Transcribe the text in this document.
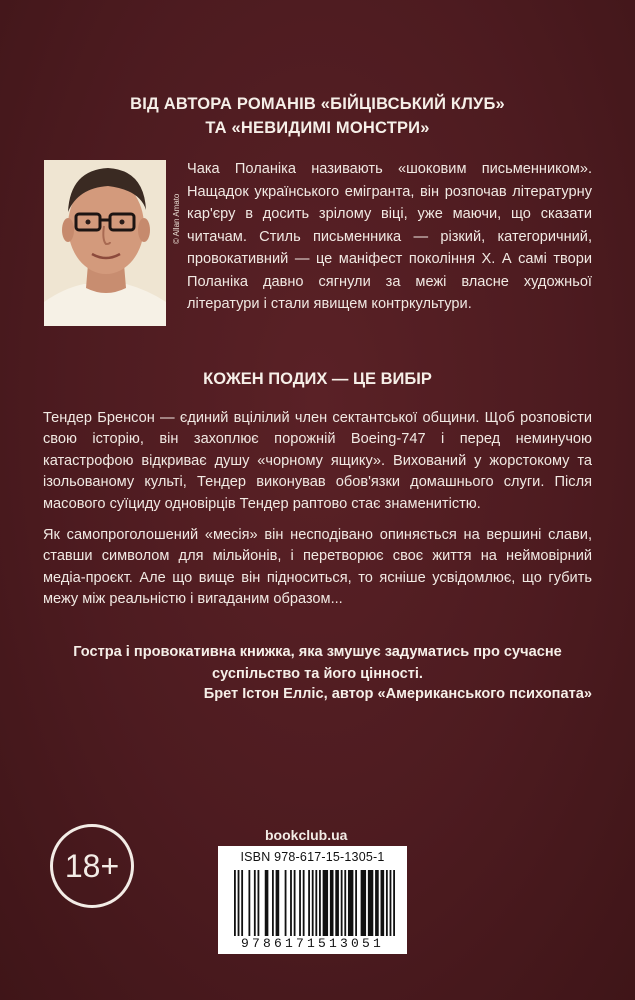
ВІД АВТОРА РОМАНІВ «БІЙЦІВСЬКИЙ КЛУБ»
ТА «НЕВИДИМІ МОНСТРИ»
© Allan Amato
Чака Поланіка називають «шоковим письменником». Нащадок українського емігранта, він розпочав літературну кар'єру в досить зрілому віці, уже маючи, що сказати читачам. Стиль письменника — різкий, категоричний, провокативний — це маніфест покоління X. А самі твори Поланіка давно сягнули за межі власне художньої літератури і стали явищем контркультури.
КОЖЕН ПОДИХ — ЦЕ ВИБІР
Тендер Бренсон — єдиний вцілілий член сектантської общини. Щоб розповісти свою історію, він захоплює порожній Boeing-747 і перед неминучою катастрофою відкриває душу «чорному ящику». Вихований у жорстокому та ізольованому культі, Тендер виконував обов'язки домашнього слуги. Після масового суїциду одновірців Тендер раптово стає знаменитістю.
Як самопроголошений «месія» він несподівано опиняється на вершині слави, ставши символом для мільйонів, і перетворює своє життя на неймовірний медіа-проєкт. Але що вище він підноситься, то ясніше усвідомлює, що губить межу між реальністю і вигаданим образом...
Гостра і провокативна книжка, яка змушує задуматись про сучасне суспільство та його цінності.
Брет Істон Елліс, автор «Американського психопата»
18+
bookclub.ua
ISBN 978-617-15-1305-1
9786171513051
